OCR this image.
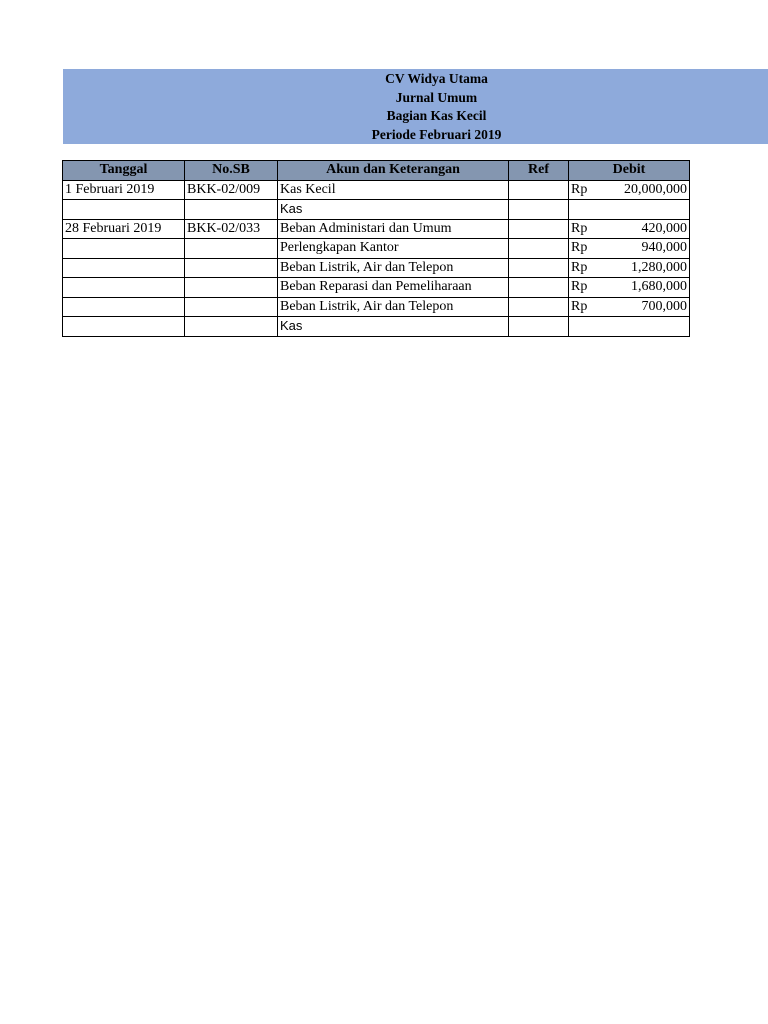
CV Widya Utama
Jurnal Umum
Bagian Kas Kecil
Periode Februari 2019
Tanggal	No.SB	Akun dan Keterangan	Ref	Debit
1 Februari 2019	BKK-02/009	Kas Kecil		Rp 20,000,000

		Kas		

28 Februari 2019	BKK-02/033	Beban Administari dan Umum		Rp 420,000

		Perlengkapan Kantor		Rp 940,000

		Beban Listrik, Air dan Telepon		Rp 1,280,000

		Beban Reparasi dan Pemeliharaan		Rp 1,680,000

		Beban Listrik, Air dan Telepon		Rp 700,000

		Kas		
